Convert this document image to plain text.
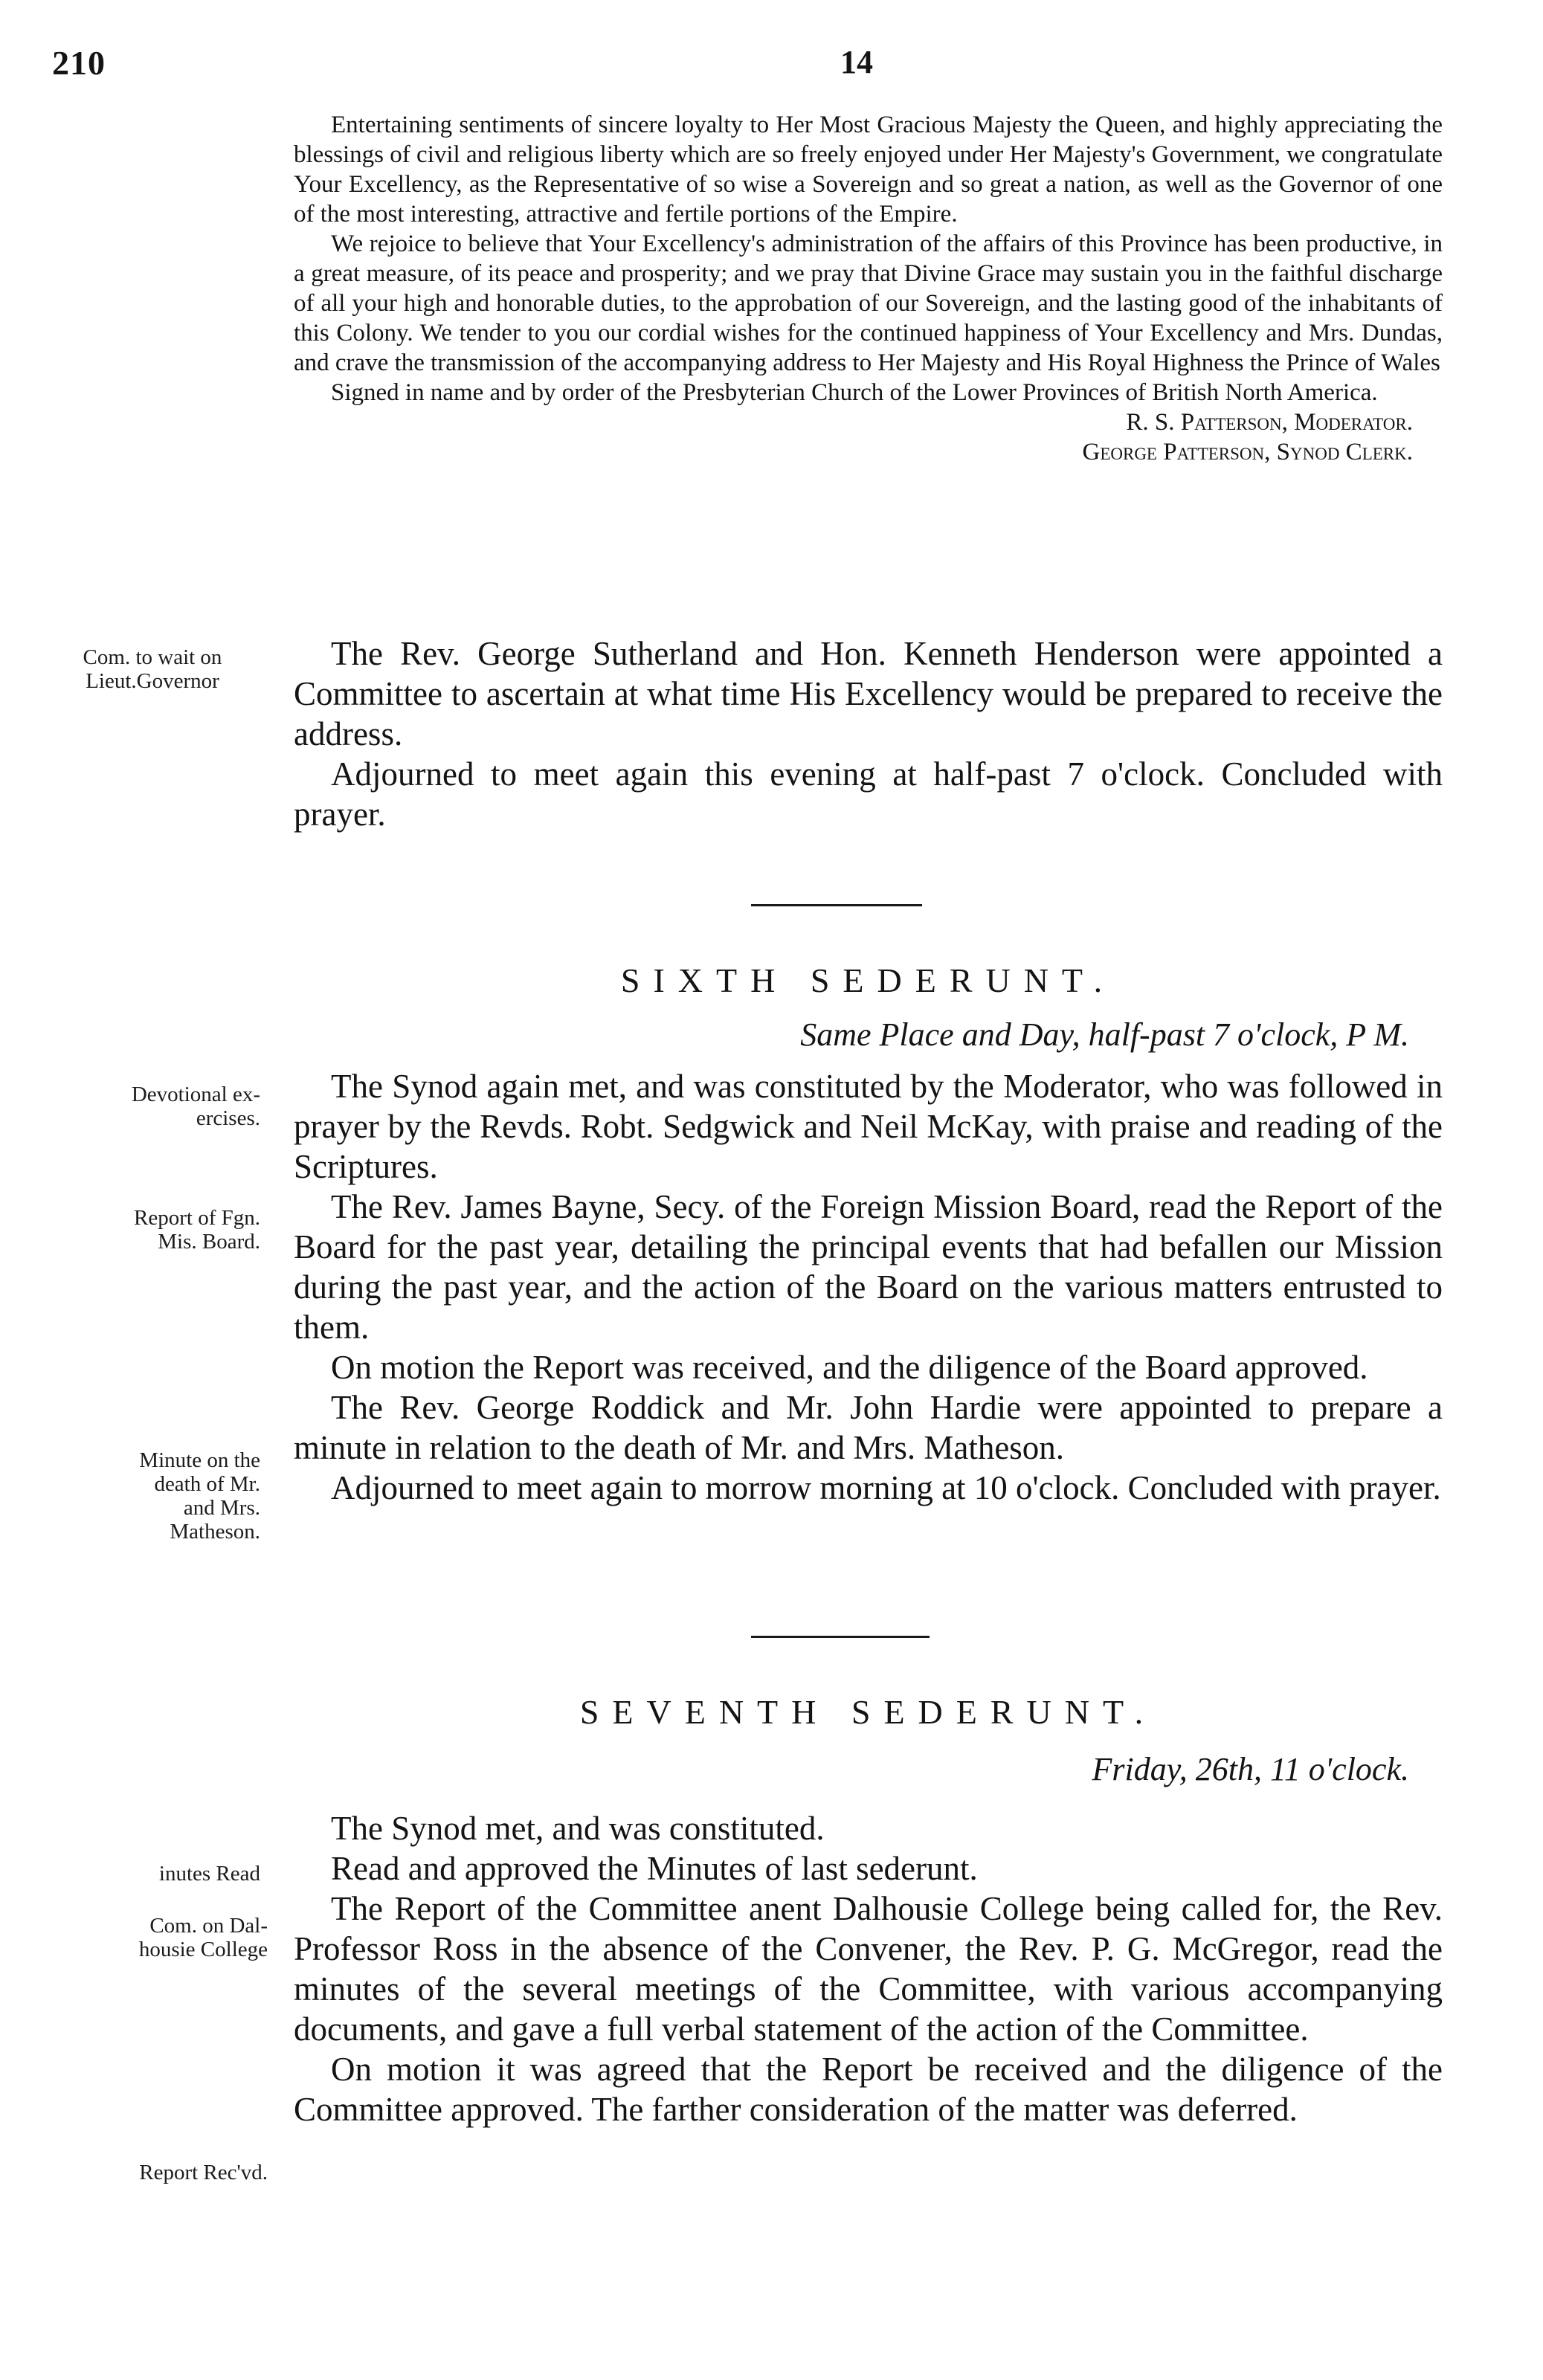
210	14

Entertaining sentiments of sincere loyalty to Her Most Gracious Majesty the Queen, and highly appreciating the blessings of civil and religious liberty which are so freely enjoyed under Her Majesty's Government, we congratulate Your Excellency, as the Representative of so wise a Sovereign and so great a nation, as well as the Governor of one of the most interesting, attractive and fertile portions of the Empire.

We rejoice to believe that Your Excellency's administration of the affairs of this Province has been productive, in a great measure, of its peace and prosperity; and we pray that Divine Grace may sustain you in the faithful discharge of all your high and honorable duties, to the approbation of our Sovereign, and the lasting good of the inhabitants of this Colony. We tender to you our cordial wishes for the continued happiness of Your Excellency and Mrs. Dundas, and crave the transmission of the accompanying address to Her Majesty and His Royal Highness the Prince of Wales

Signed in name and by order of the Presbyterian Church of the Lower Provinces of British North America.

R. S. Patterson, Moderator.

George Patterson, Synod Clerk.

The Rev. George Sutherland and Hon. Kenneth Henderson were appointed a Committee to ascertain at what time His Excellency would be prepared to receive the address.

Adjourned to meet again this evening at half-past 7 o'clock. Concluded with prayer.

Com. to wait on
Lieut.Governor
SIXTH SEDERUNT.
Same Place and Day, half-past 7 o'clock, P M.

The Synod again met, and was constituted by the Moderator, who was followed in prayer by the Revds. Robt. Sedgwick and Neil McKay, with praise and reading of the Scriptures.

The Rev. James Bayne, Secy. of the Foreign Mission Board, read the Report of the Board for the past year, detailing the principal events that had befallen our Mission during the past year, and the action of the Board on the various matters entrusted to them.

On motion the Report was received, and the diligence of the Board approved.

The Rev. George Roddick and Mr. John Hardie were appointed to prepare a minute in relation to the death of Mr. and Mrs. Matheson.

Adjourned to meet again to morrow morning at 10 o'clock. Concluded with prayer.

Devotional ex-
ercises.
Report of Fgn.
Mis. Board.
Minute on the
death of Mr.
and Mrs.
Matheson.
SEVENTH SEDERUNT.
Friday, 26th, 11 o'clock.

The Synod met, and was constituted.

Read and approved the Minutes of last sederunt.

The Report of the Committee anent Dalhousie College being called for, the Rev. Professor Ross in the absence of the Convener, the Rev. P. G. McGregor, read the minutes of the several meetings of the Committee, with various accompanying documents, and gave a full verbal statement of the action of the Committee.

On motion it was agreed that the Report be received and the diligence of the Committee approved. The farther consideration of the matter was deferred.

inutes Read
Com. on Dal-
housie College
Report Rec'vd.
